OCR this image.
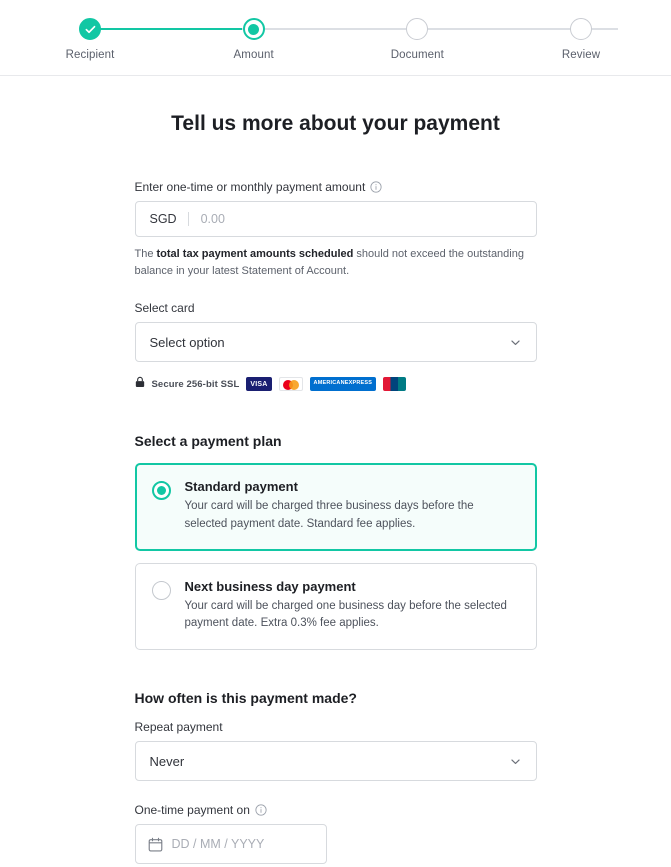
Recipient	Amount	Document	Review
Tell us more about your payment
Enter one-time or monthly payment amount
SGD
0.00
The total tax payment amounts scheduled should not exceed the outstanding balance in your latest Statement of Account.
Select card
Select option
Secure 256-bit SSL	VISA	AMERICAN EXPRESS
Select a payment plan
Standard payment
Your card will be charged three business days before the selected payment date. Standard fee applies.
Next business day payment
Your card will be charged one business day before the selected payment date. Extra 0.3% fee applies.
How often is this payment made?
Repeat payment
Never
One-time payment on
DD / MM / YYYY
